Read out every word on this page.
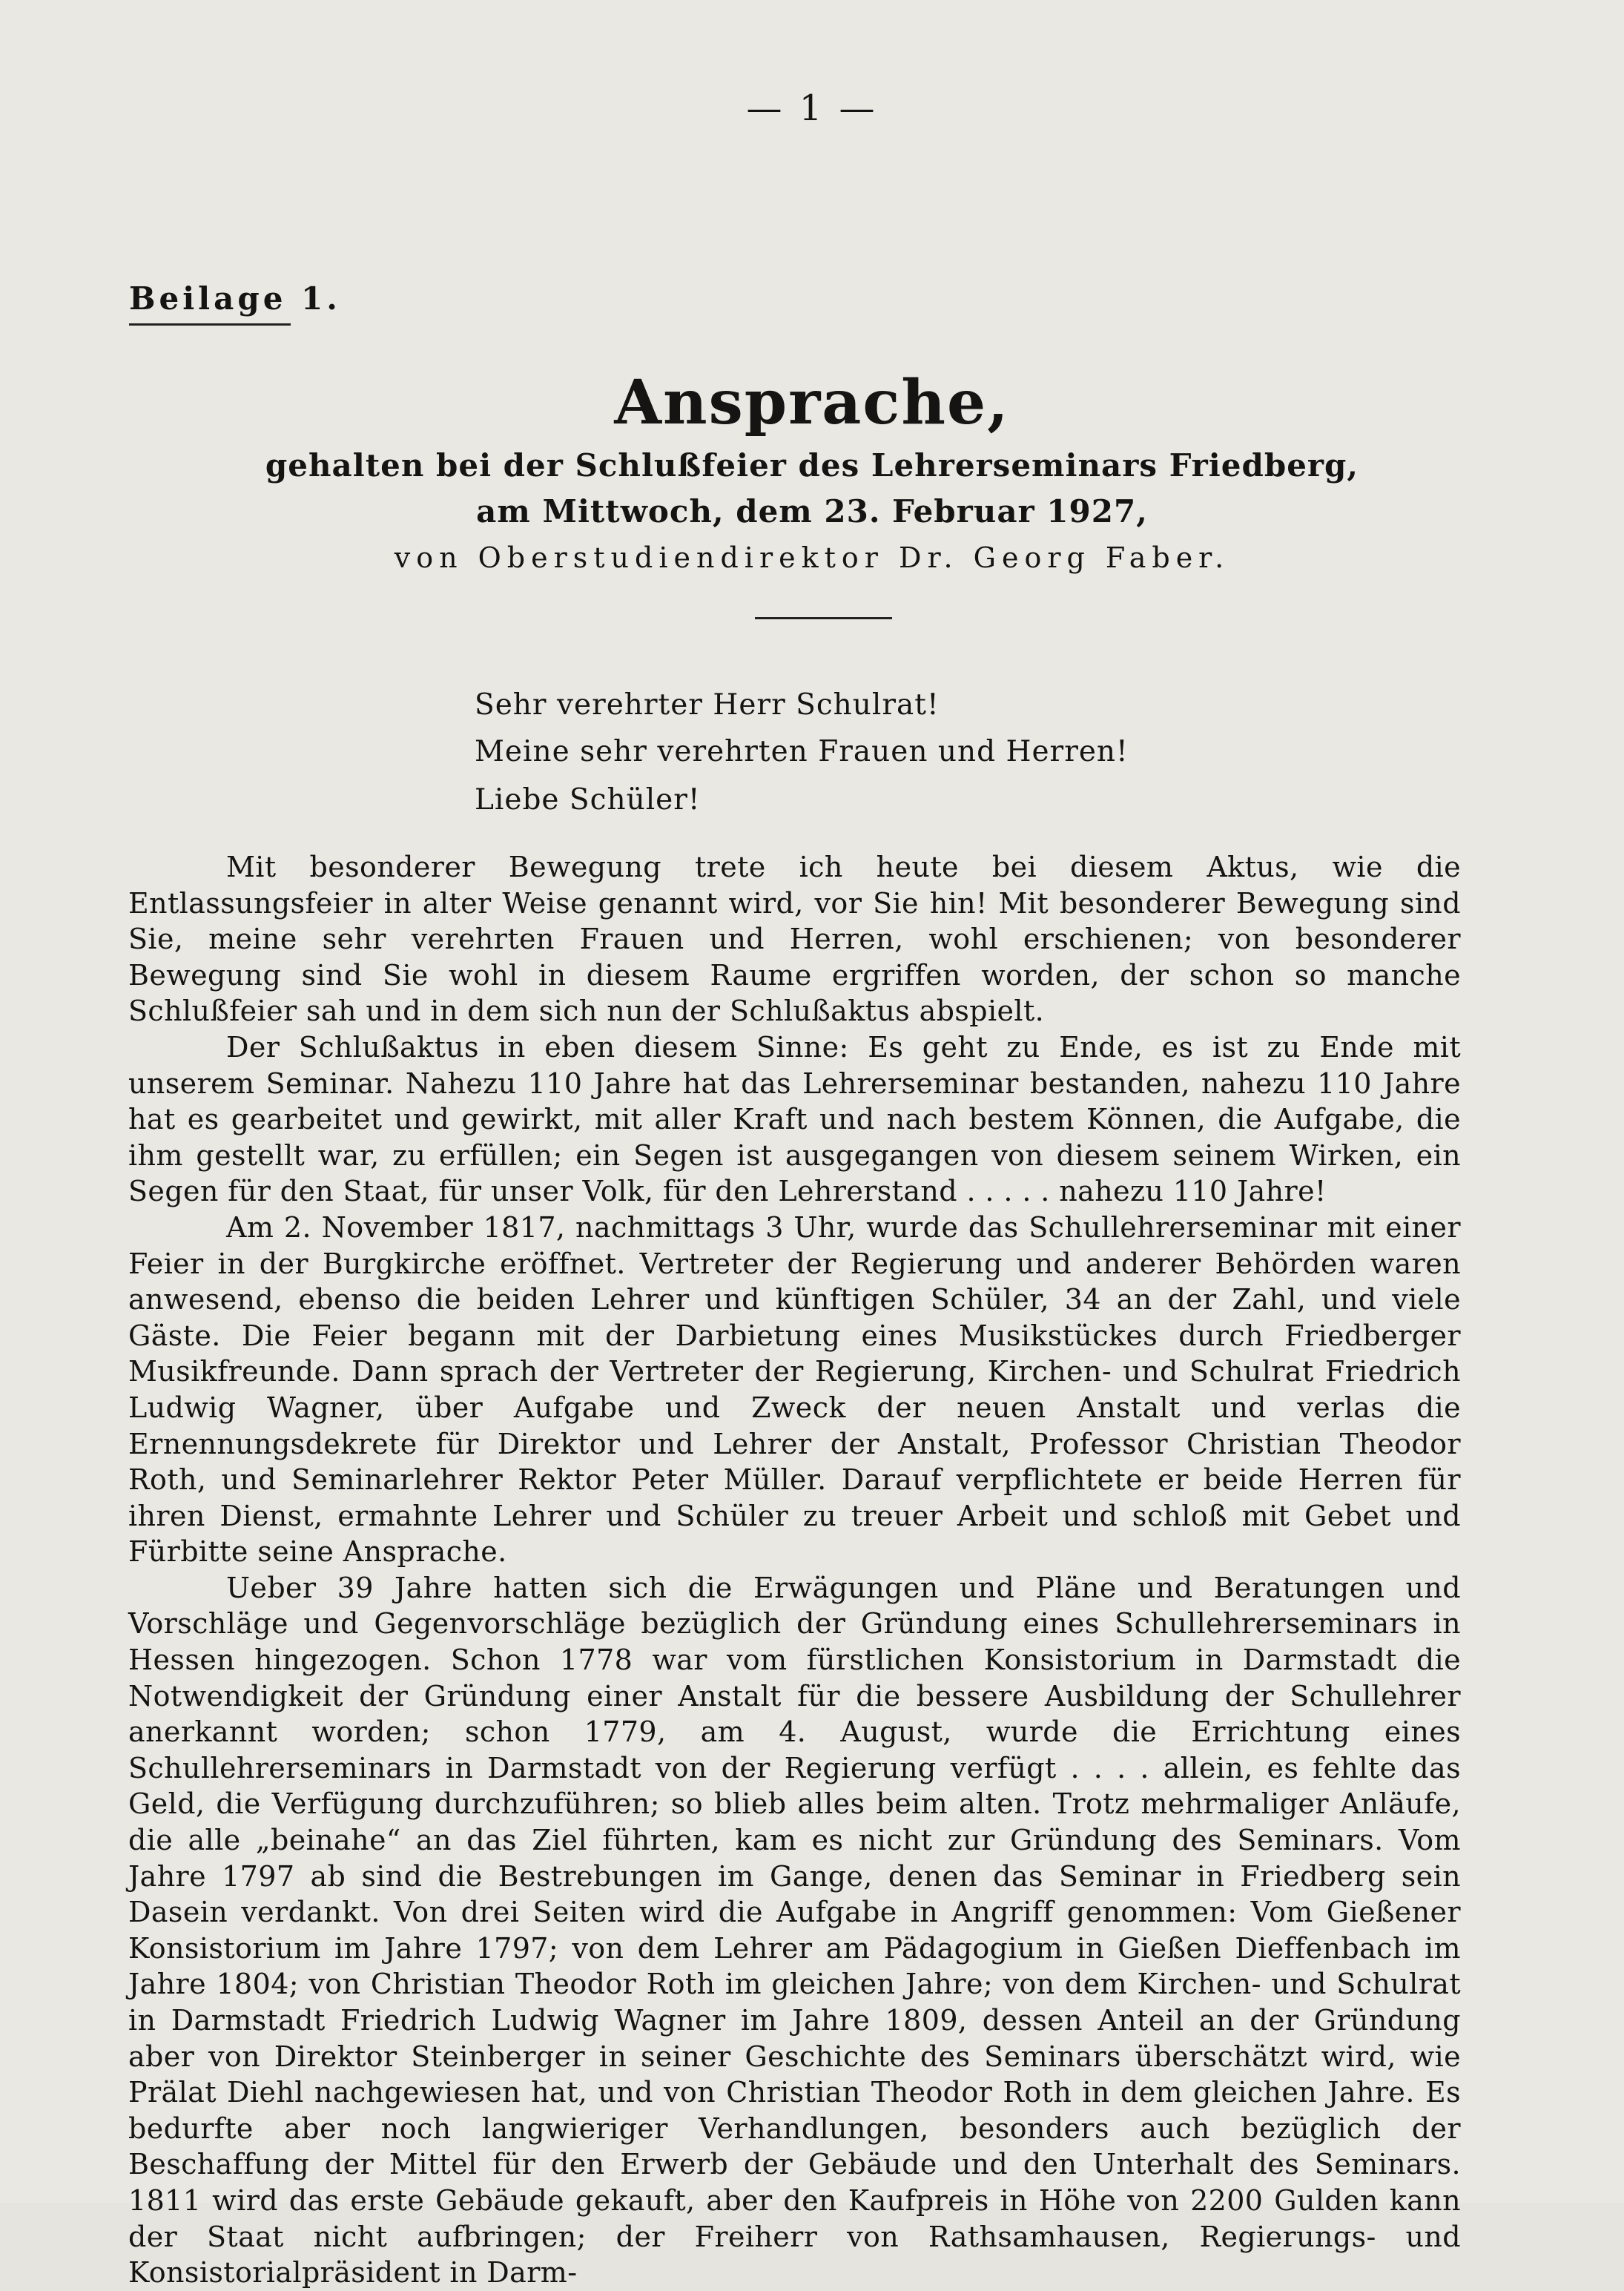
— 1 —
Beilage 1.
Ansprache,
gehalten bei der Schlußfeier des Lehrerseminars Friedberg,
am Mittwoch, dem 23. Februar 1927,
von Oberstudiendirektor Dr. Georg Faber.
Sehr verehrter Herr Schulrat!
Meine sehr verehrten Frauen und Herren!
Liebe Schüler!

Mit besonderer Bewegung trete ich heute bei diesem Aktus, wie die Entlassungsfeier in alter Weise genannt wird, vor Sie hin! Mit besonderer Bewegung sind Sie, meine sehr verehrten Frauen und Herren, wohl erschienen; von besonderer Bewegung sind Sie wohl in diesem Raume ergriffen worden, der schon so manche Schlußfeier sah und in dem sich nun der Schlußaktus abspielt.

Der Schlußaktus in eben diesem Sinne: Es geht zu Ende, es ist zu Ende mit unserem Seminar. Nahezu 110 Jahre hat das Lehrerseminar bestanden, nahezu 110 Jahre hat es gearbeitet und gewirkt, mit aller Kraft und nach bestem Können, die Aufgabe, die ihm gestellt war, zu erfüllen; ein Segen ist ausgegangen von diesem seinem Wirken, ein Segen für den Staat, für unser Volk, für den Lehrerstand . . . . . nahezu 110 Jahre!

Am 2. November 1817, nachmittags 3 Uhr, wurde das Schullehrerseminar mit einer Feier in der Burgkirche eröffnet. Vertreter der Regierung und anderer Behörden waren anwesend, ebenso die beiden Lehrer und künftigen Schüler, 34 an der Zahl, und viele Gäste. Die Feier begann mit der Darbietung eines Musikstückes durch Friedberger Musikfreunde. Dann sprach der Vertreter der Regierung, Kirchen- und Schulrat Friedrich Ludwig Wagner, über Aufgabe und Zweck der neuen Anstalt und verlas die Ernennungsdekrete für Direktor und Lehrer der Anstalt, Professor Christian Theodor Roth, und Seminarlehrer Rektor Peter Müller. Darauf verpflichtete er beide Herren für ihren Dienst, ermahnte Lehrer und Schüler zu treuer Arbeit und schloß mit Gebet und Fürbitte seine Ansprache.

Ueber 39 Jahre hatten sich die Erwägungen und Pläne und Beratungen und Vorschläge und Gegenvorschläge bezüglich der Gründung eines Schullehrerseminars in Hessen hingezogen. Schon 1778 war vom fürstlichen Konsistorium in Darmstadt die Notwendigkeit der Gründung einer Anstalt für die bessere Ausbildung der Schullehrer anerkannt worden; schon 1779, am 4. August, wurde die Errichtung eines Schullehrerseminars in Darmstadt von der Regierung verfügt . . . . allein, es fehlte das Geld, die Verfügung durchzuführen; so blieb alles beim alten. Trotz mehrmaliger Anläufe, die alle „beinahe“ an das Ziel führten, kam es nicht zur Gründung des Seminars. Vom Jahre 1797 ab sind die Bestrebungen im Gange, denen das Seminar in Friedberg sein Dasein verdankt. Von drei Seiten wird die Aufgabe in Angriff genommen: Vom Gießener Konsistorium im Jahre 1797; von dem Lehrer am Pädagogium in Gießen Dieffenbach im Jahre 1804; von Christian Theodor Roth im gleichen Jahre; von dem Kirchen- und Schulrat in Darmstadt Friedrich Ludwig Wagner im Jahre 1809, dessen Anteil an der Gründung aber von Direktor Steinberger in seiner Geschichte des Seminars überschätzt wird, wie Prälat Diehl nachgewiesen hat, und von Christian Theodor Roth in dem gleichen Jahre. Es bedurfte aber noch langwieriger Verhandlungen, besonders auch bezüglich der Beschaffung der Mittel für den Erwerb der Gebäude und den Unterhalt des Seminars. 1811 wird das erste Gebäude gekauft, aber den Kaufpreis in Höhe von 2200 Gulden kann der Staat nicht aufbringen; der Freiherr von Rathsamhausen, Regierungs- und Konsistorialpräsident in Darm-
